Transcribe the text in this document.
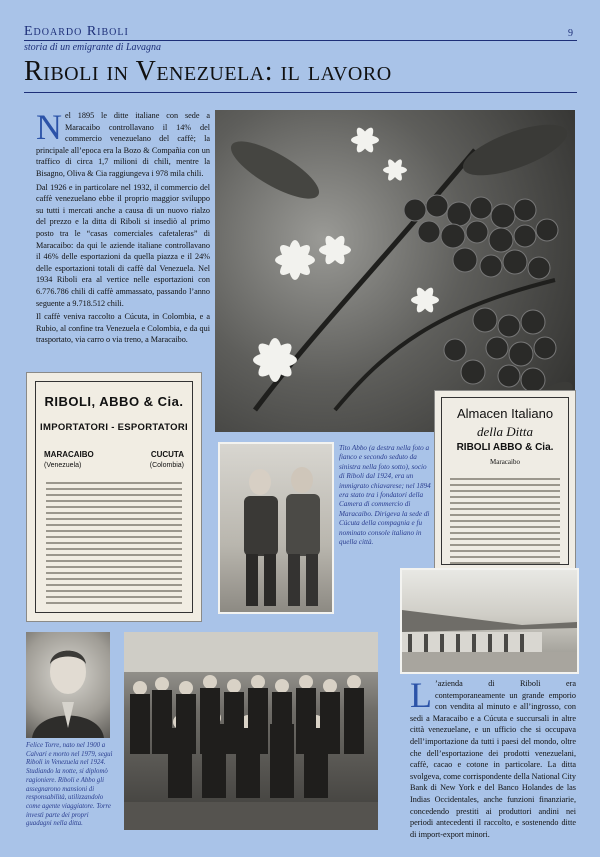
Edoardo Riboli
storia di un emigrante di Lavagna
9
Riboli in Venezuela: il lavoro

Nel 1895 le ditte italiane con sede a Maracaibo controllavano il 14% del commercio venezuelano del caffè; la principale all’epoca era la Bozo & Compañia con un traffico di circa 1,7 milioni di chili, mentre la Bisagno, Oliva & Cia raggiungeva i 978 mila chili.

Dal 1926 e in particolare nel 1932, il commercio del caffè venezuelano ebbe il proprio maggior sviluppo su tutti i mercati anche a causa di un nuovo rialzo del prezzo e la ditta di Riboli si insediò al primo posto tra le “casas comerciales cafetaleras” di Maracaibo: da qui le aziende italiane controllavano il 46% delle esportazioni da quella piazza e il 24% delle esportazioni totali di caffè dal Venezuela. Nel 1934 Riboli era al vertice nelle esportazioni con 6.776.786 chili di caffè ammassato, passando l’anno seguente a 9.718.512 chili.

Il caffè veniva raccolto a Cúcuta, in Colombia, e a Rubio, al confine tra Venezuela e Colombia, e da qui trasportato, via carro o via treno, a Maracaibo.

RIBOLI, ABBO & Cia.
IMPORTATORI - ESPORTATORI
MARACAIBO	CUCUTA
(Venezuela)	(Colombia)
Tito Abbo (a destra nella foto a fianco e secondo seduto da sinistra nella foto sotto), socio di Riboli dal 1924, era un immigrato chiavarese; nel 1894 era stato tra i fondatori della Camera di commercio di Maracaibo. Dirigeva la sede di Cúcuta della compagnia e fu nominato console italiano in quella città.
Almacen Italiano
della Ditta
RIBOLI ABBO & Cia.
Maracaibo
Felice Torre, nato nel 1900 a Calvari e morto nel 1979, seguì Riboli in Venezuela nel 1924. Studiando la notte, si diplomò ragioniere. Riboli e Abbo gli assegnarono mansioni di responsabilità, utilizzandolo come agente viaggiatore. Torre investì parte dei propri guadagni nella ditta.

L ’azienda di Riboli era contemporaneamente un grande emporio con vendita al minuto e all’ingrosso, con sedi a Maracaibo e a Cúcuta e succursali in altre città venezuelane, e un ufficio che si occupava dell’importazione da tutti i paesi del mondo, oltre che dell’esportazione dei prodotti venezuelani, caffè, cacao e cotone in particolare. La ditta svolgeva, come corrispondente della National City Bank di New York e del Banco Holandes de las Indias Occidentales, anche funzioni finanziarie, concedendo prestiti ai produttori andini nei periodi antecedenti il raccolto, e sostenendo ditte di import-export minori.
